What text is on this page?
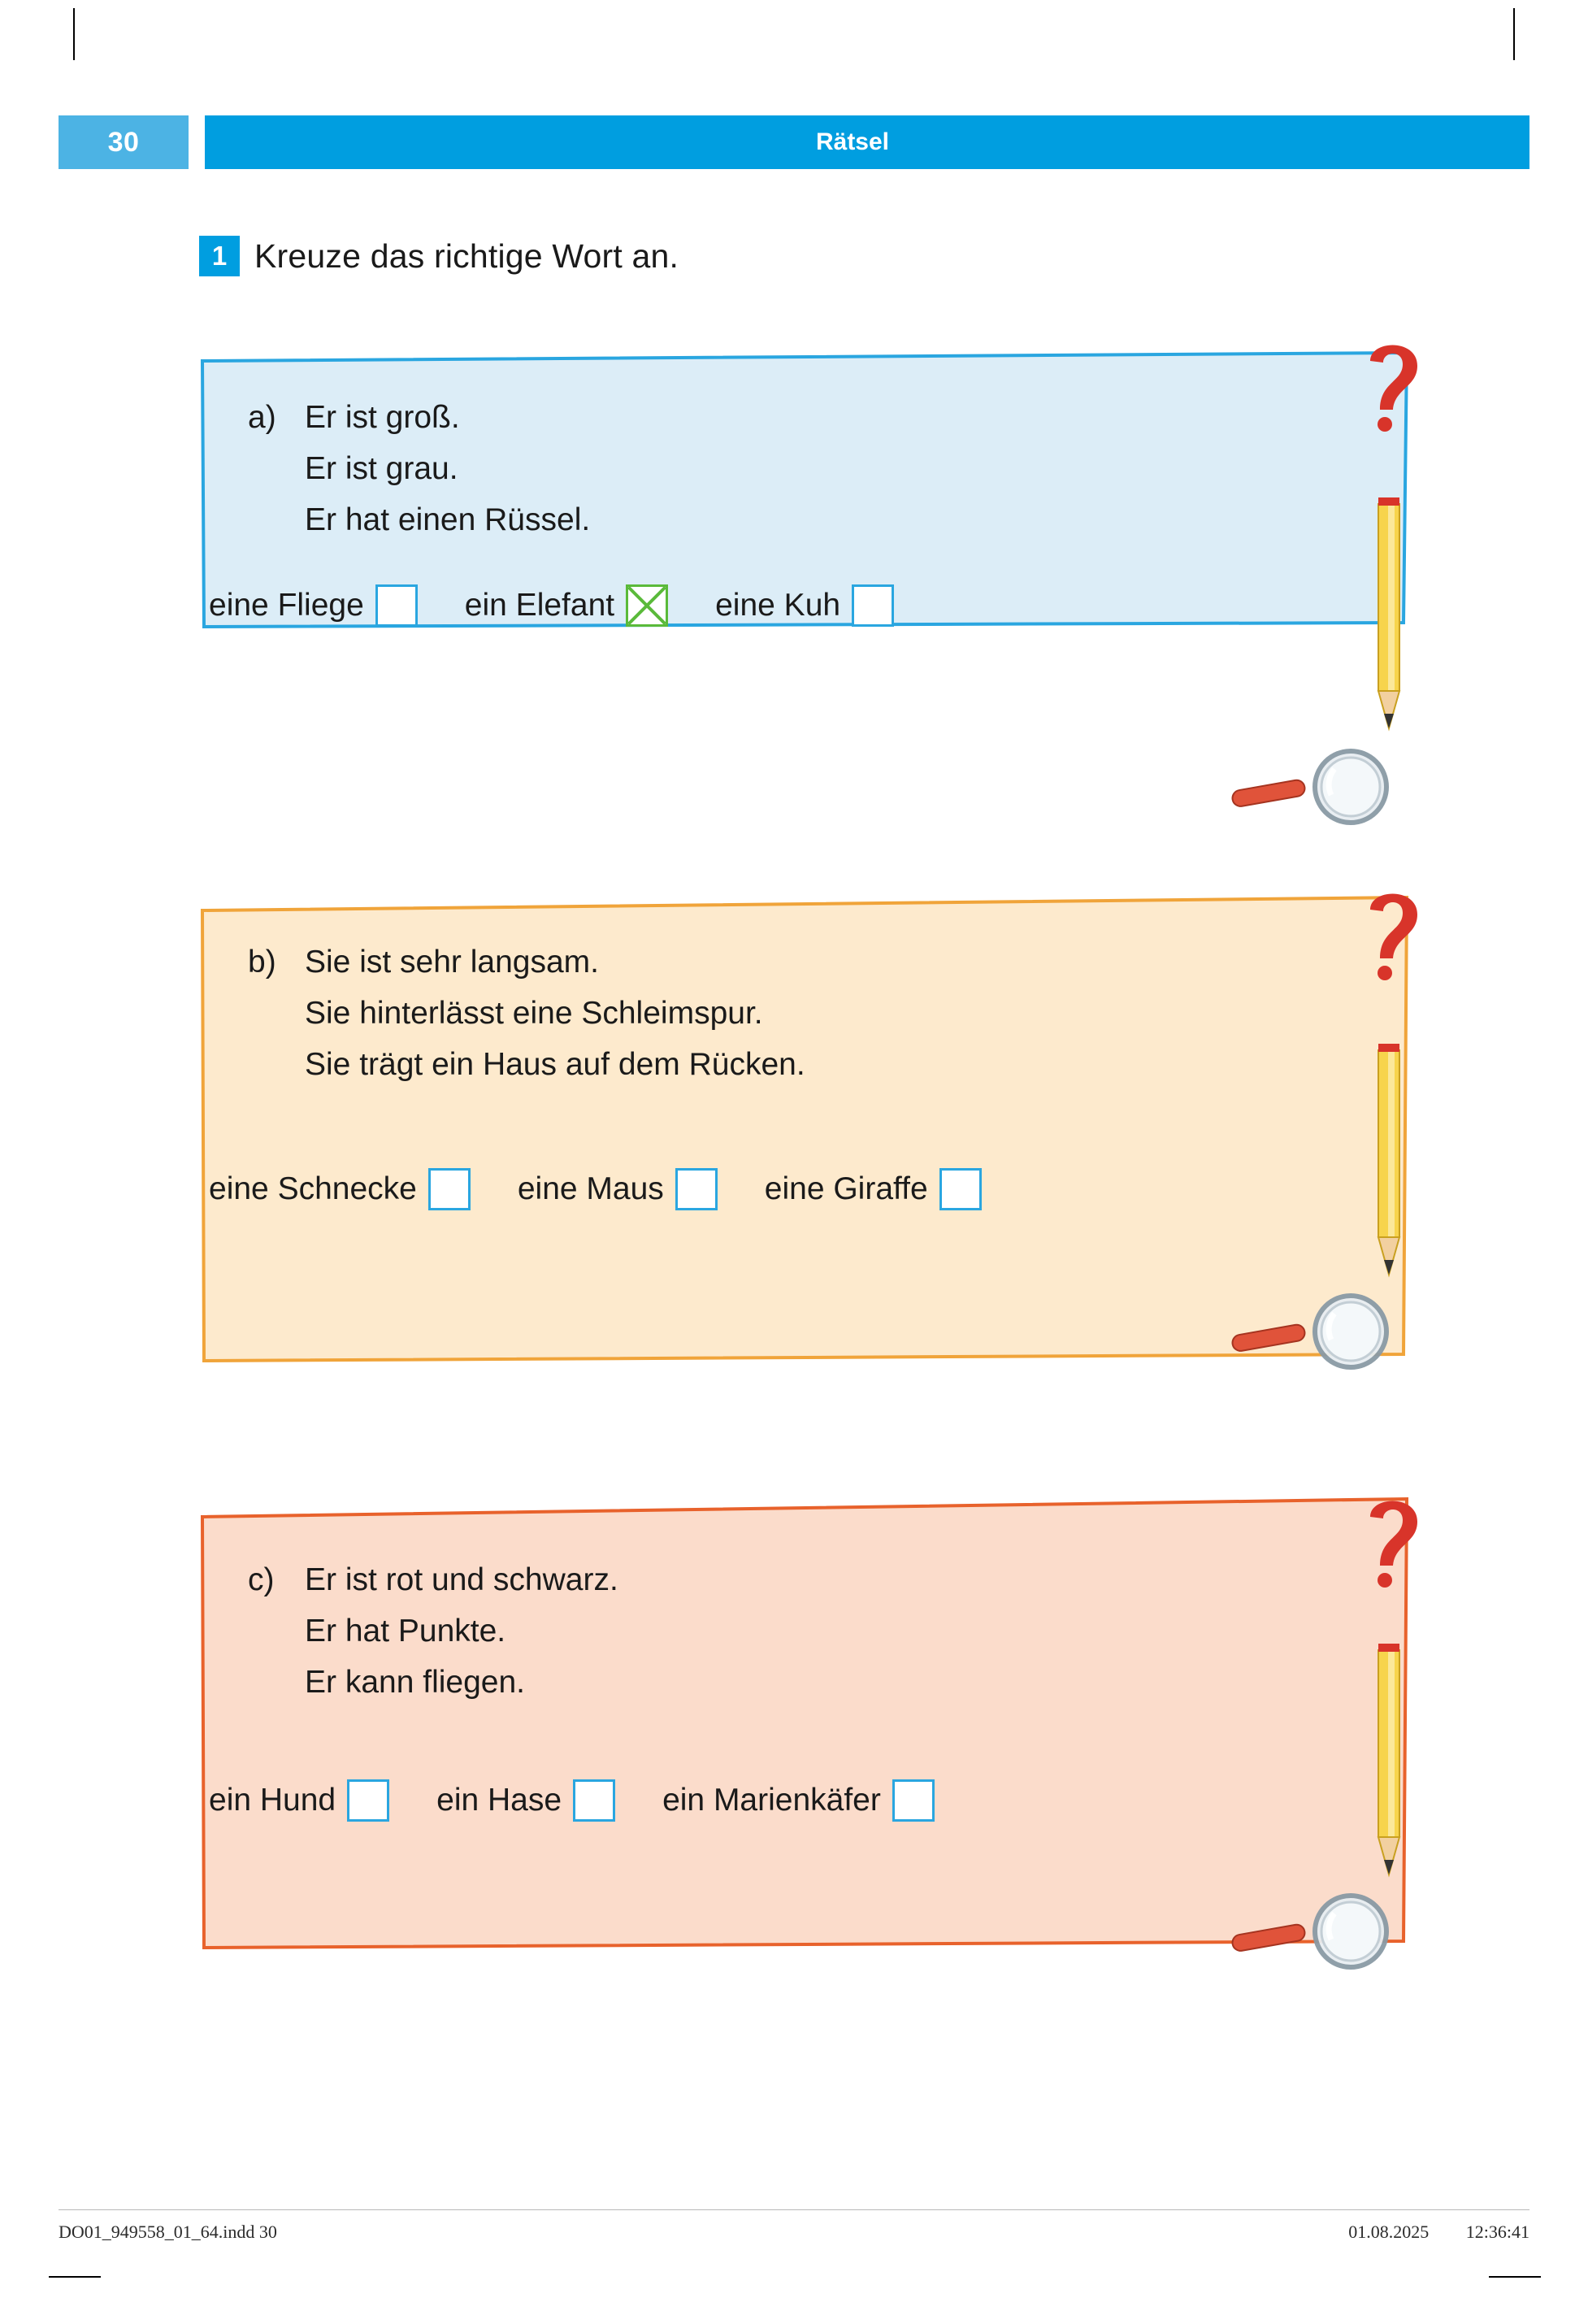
30	Rätsel
1 Kreuze das richtige Wort an.
a) Er ist groß.
Er ist grau.
Er hat einen Rüssel.
eine Fliege	ein Elefant	eine Kuh
b) Sie ist sehr langsam.
Sie hinterlässt eine Schleimspur.
Sie trägt ein Haus auf dem Rücken.
eine Schnecke	eine Maus	eine Giraffe
c) Er ist rot und schwarz.
Er hat Punkte.
Er kann fliegen.
ein Hund	ein Hase	ein Marienkäfer
DO01_949558_01_64.indd 30	01.08.2025 12:36:41
